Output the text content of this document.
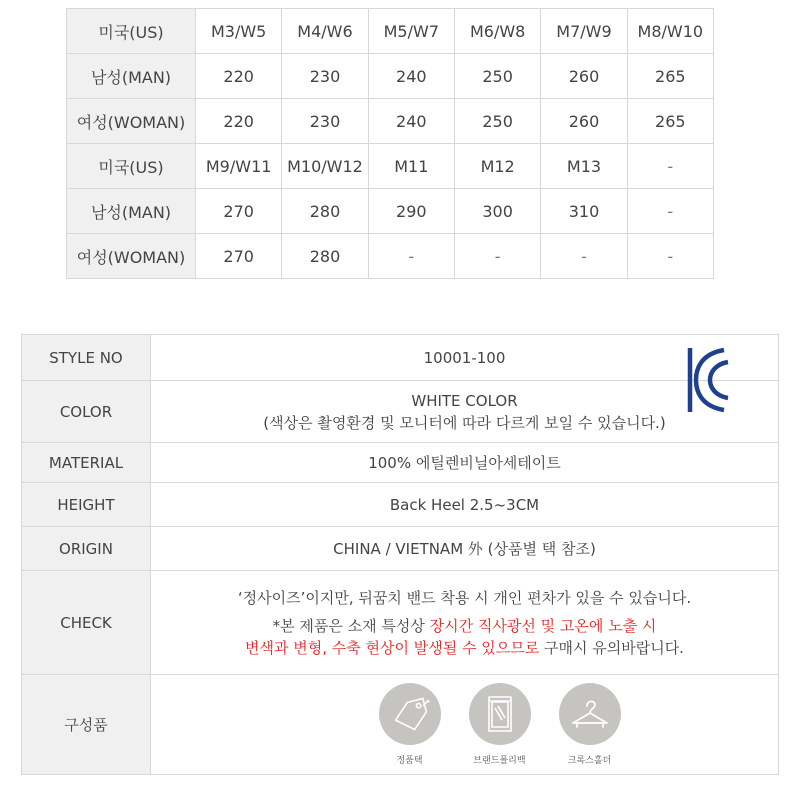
미국(US)	M3/W5	M4/W6	M5/W7	M6/W8	M7/W9	M8/W10
남성(MAN)	220	230	240	250	260	265
여성(WOMAN)	220	230	240	250	260	265
미국(US)	M9/W11	M10/W12	M11	M12	M13	-
남성(MAN)	270	280	290	300	310	-
여성(WOMAN)	270	280	-	-	-	-
STYLE NO	10001-100
COLOR	WHITE COLOR
(색상은 촬영환경 및 모니터에 따라 다르게 보일 수 있습니다.)

MATERIAL	100% 에틸렌비닐아세테이트
HEIGHT	Back Heel 2.5~3CM
ORIGIN	CHINA / VIETNAM 外 (상품별 택 참조)
CHECK	‘정사이즈’이지만, 뒤꿈치 밴드 착용 시 개인 편차가 있을 수 있습니다.
*본 제품은 소재 특성상 장시간 직사광선 및 고온에 노출 시
변색과 변형, 수축 현상이 발생될 수 있으므로 구매시 유의바랍니다.

구성품	정품택 브랜드폴리백 크록스홀더
